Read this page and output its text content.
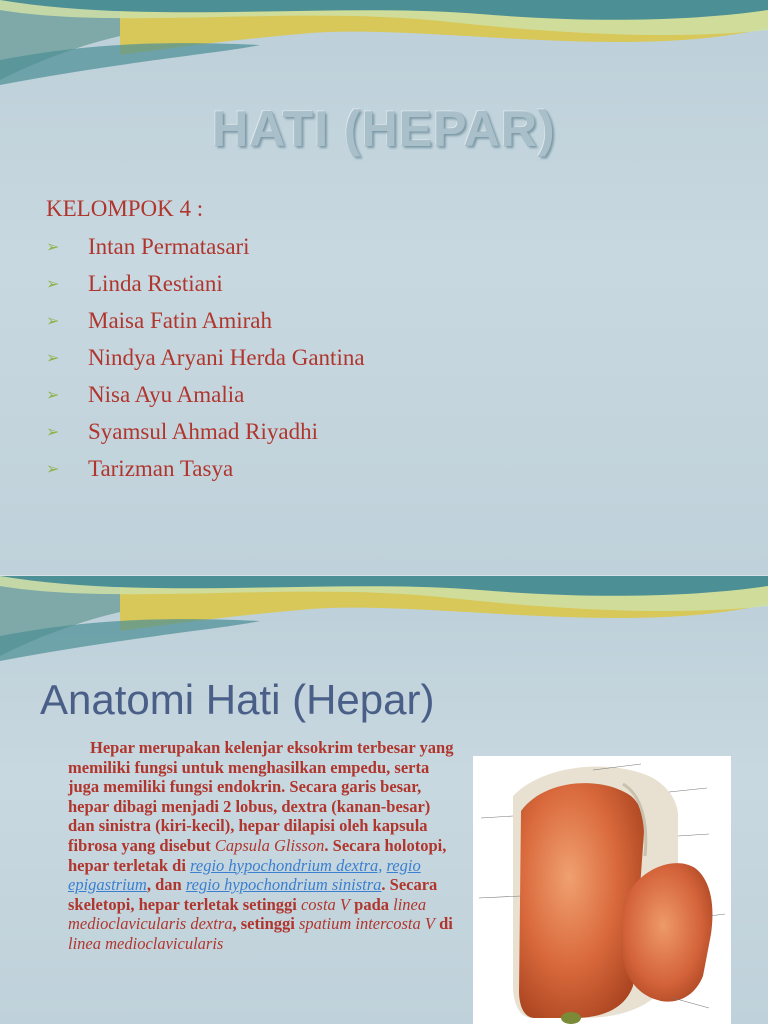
HATI (HEPAR)
KELOMPOK 4 :
➢	Intan Permatasari
➢	Linda Restiani
➢	Maisa Fatin Amirah
➢	Nindya Aryani Herda Gantina
➢	Nisa Ayu Amalia
➢	Syamsul Ahmad Riyadhi
➢	Tarizman Tasya
Anatomi Hati (Hepar)
Hepar merupakan kelenjar eksokrim terbesar yang memiliki fungsi untuk menghasilkan empedu, serta juga memiliki fungsi endokrin. Secara garis besar, hepar dibagi menjadi 2 lobus, dextra (kanan-besar) dan sinistra (kiri-kecil), hepar dilapisi oleh kapsula fibrosa yang disebut Capsula Glisson. Secara holotopi, hepar terletak di regio hypochondrium dextra, regio epigastrium, dan regio hypochondrium sinistra. Secara skeletopi, hepar terletak setinggi costa V pada linea medioclavicularis dextra, setinggi spatium intercosta V di linea medioclavicularis
